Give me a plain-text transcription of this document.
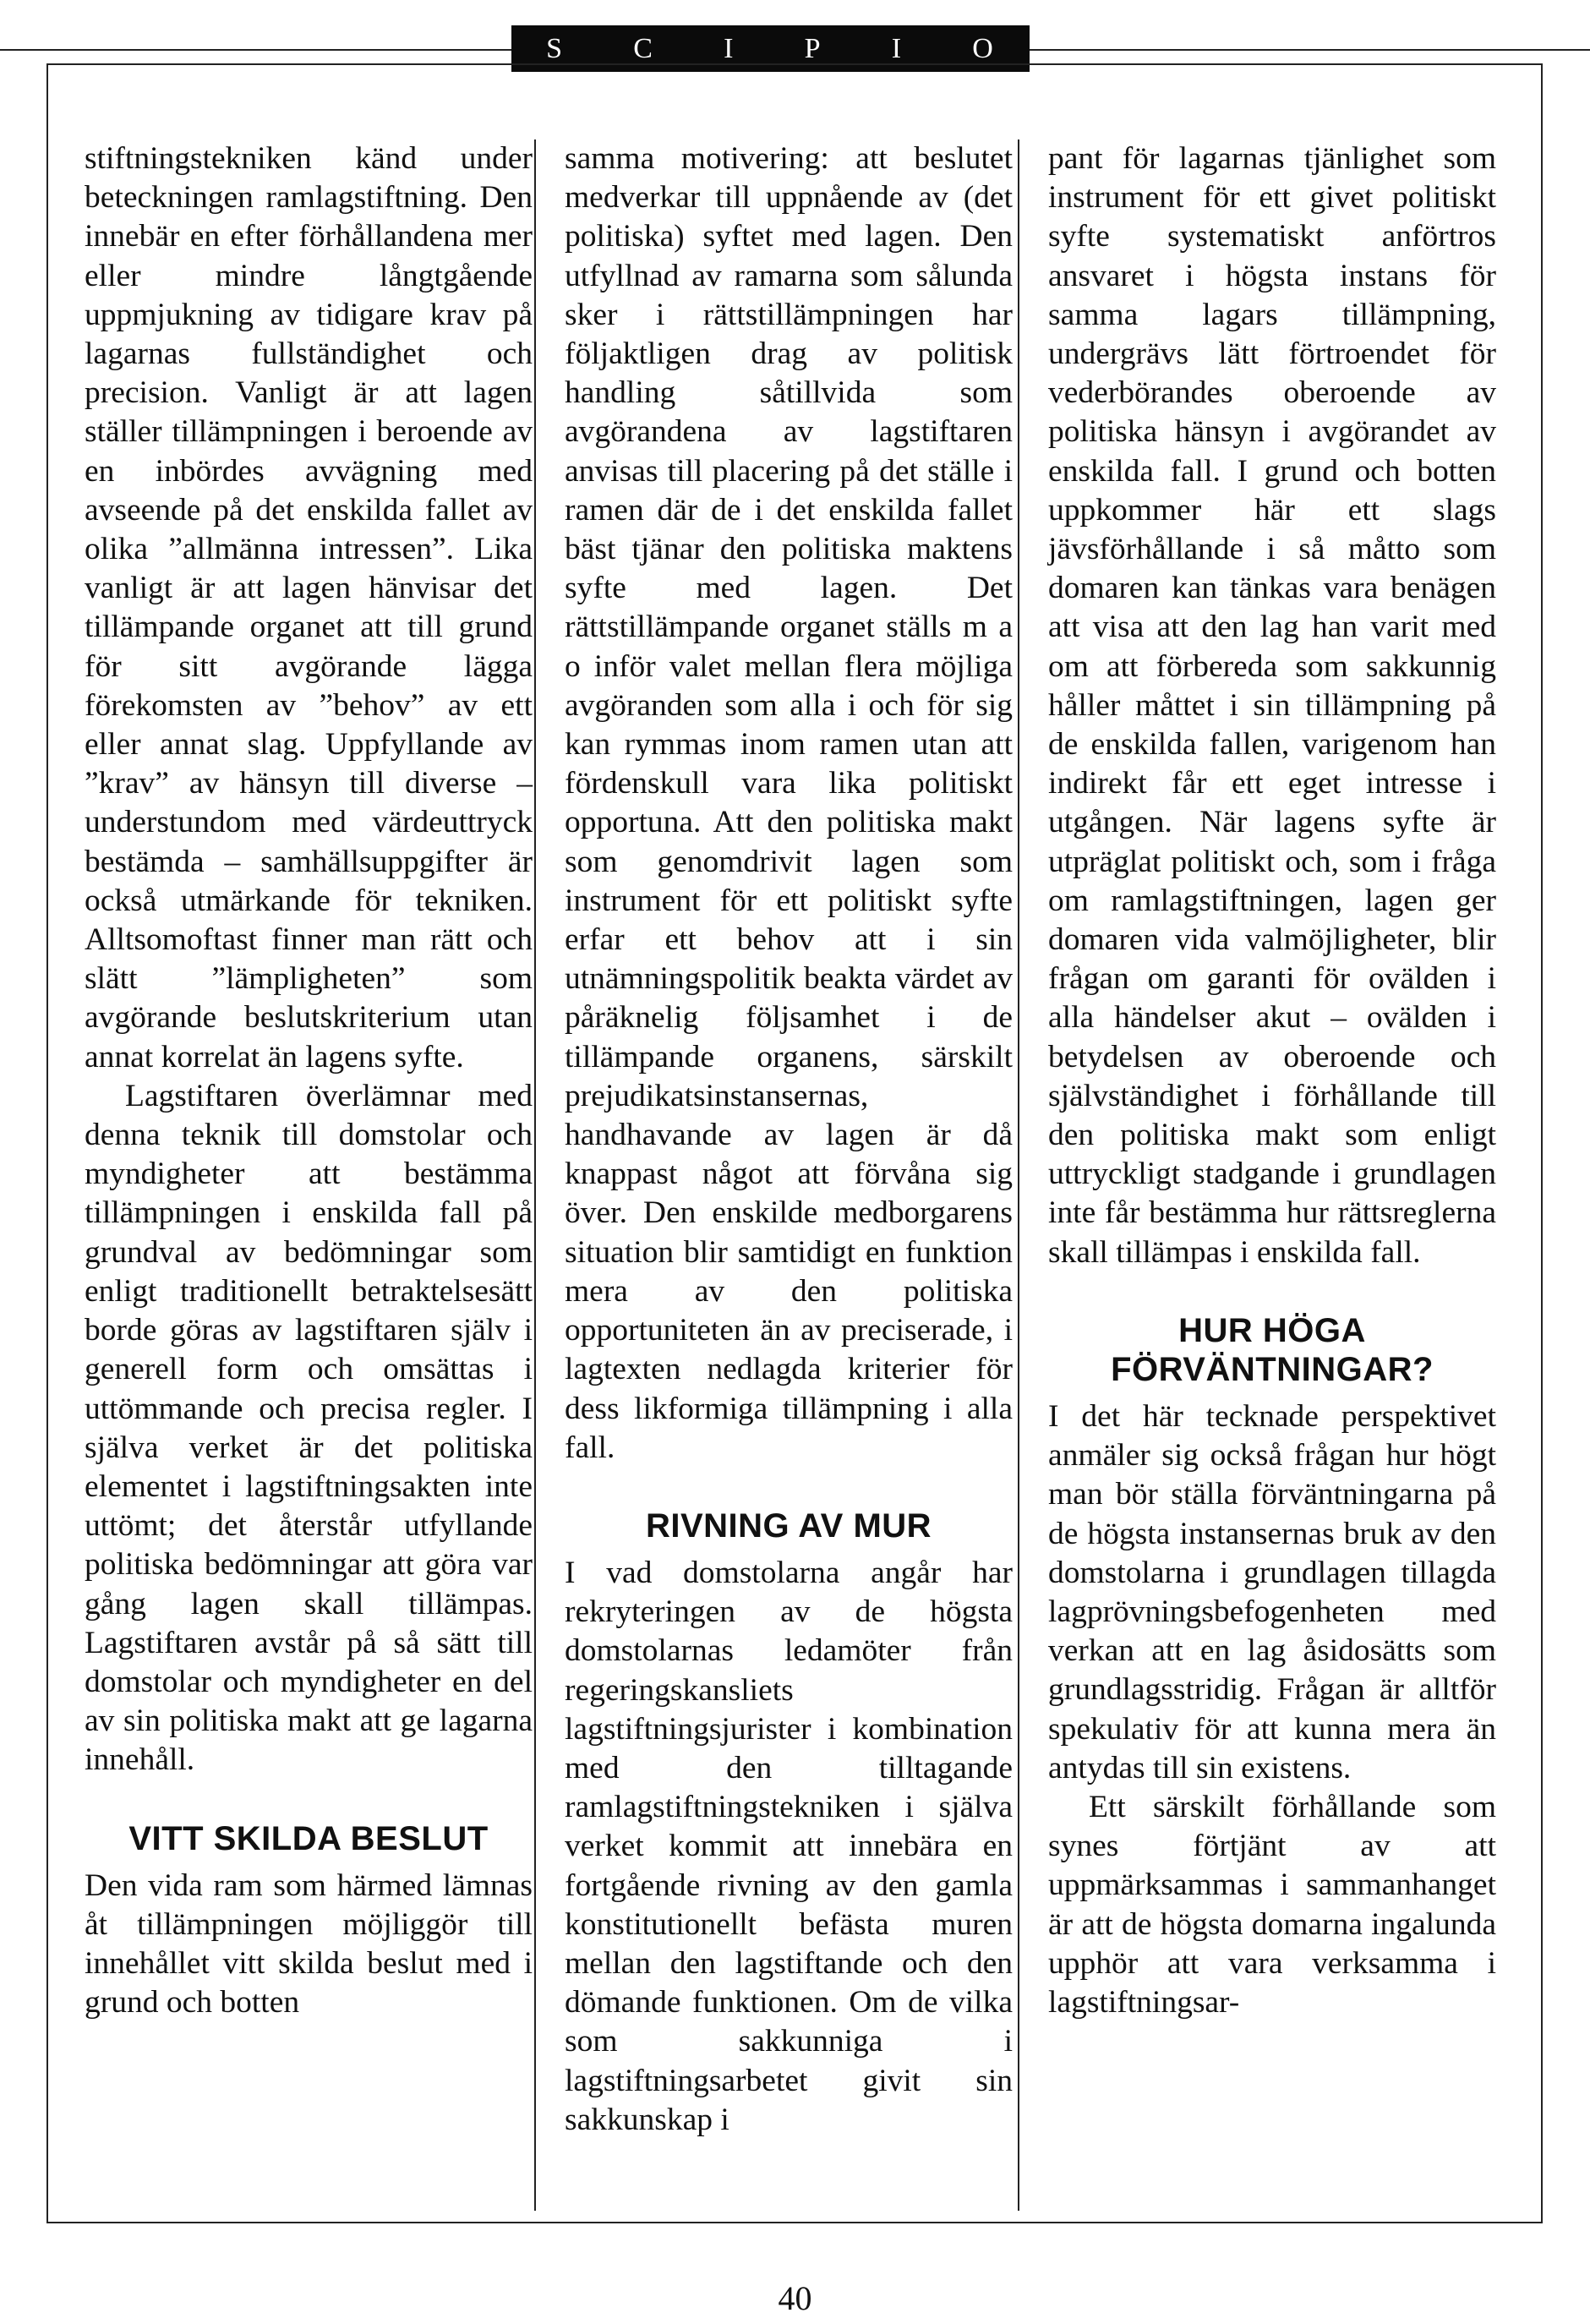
S C I P I O

stiftningstekniken känd under beteckningen ramlagstiftning. Den innebär en efter förhållandena mer eller mindre långtgående uppmjukning av tidigare krav på lagarnas fullständighet och precision. Vanligt är att lagen ställer tillämpningen i beroende av en inbördes avvägning med avseende på det enskilda fallet av olika ”allmänna intressen”. Lika vanligt är att lagen hänvisar det tillämpande organet att till grund för sitt avgörande lägga förekomsten av ”behov” av ett eller annat slag. Uppfyllande av ”krav” av hänsyn till diverse – understundom med värdeuttryck bestämda – samhällsuppgifter är också utmärkande för tekniken. Alltsomoftast finner man rätt och slätt ”lämpligheten” som avgörande beslutskriterium utan annat korrelat än lagens syfte.

Lagstiftaren överlämnar med denna teknik till domstolar och myndigheter att bestämma tillämpningen i enskilda fall på grundval av bedömningar som enligt traditionellt betraktelsesätt borde göras av lagstiftaren själv i generell form och omsättas i uttömmande och precisa regler. I själva verket är det politiska elementet i lagstiftningsakten inte uttömt; det återstår utfyllande politiska bedömningar att göra var gång lagen skall tillämpas. Lagstiftaren avstår på så sätt till domstolar och myndigheter en del av sin politiska makt att ge lagarna innehåll.

VITT SKILDA BESLUT

Den vida ram som härmed lämnas åt tillämpningen möjliggör till innehållet vitt skilda beslut med i grund och botten

samma motivering: att beslutet medverkar till uppnående av (det politiska) syftet med lagen. Den utfyllnad av ramarna som sålunda sker i rättstillämpningen har följaktligen drag av politisk handling såtillvida som avgörandena av lagstiftaren anvisas till placering på det ställe i ramen där de i det enskilda fallet bäst tjänar den politiska maktens syfte med lagen. Det rättstillämpande organet ställs m a o inför valet mellan flera möjliga avgöranden som alla i och för sig kan rymmas inom ramen utan att fördenskull vara lika politiskt opportuna. Att den politiska makt som genomdrivit lagen som instrument för ett politiskt syfte erfar ett behov att i sin utnämningspolitik beakta värdet av påräknelig följsamhet i de tillämpande organens, särskilt prejudikatsinstansernas, handhavande av lagen är då knappast något att förvåna sig över. Den enskilde medborgarens situation blir samtidigt en funktion mera av den politiska opportuniteten än av preciserade, i lagtexten nedlagda kriterier för dess likformiga tillämpning i alla fall.

RIVNING AV MUR

I vad domstolarna angår har rekryteringen av de högsta domstolarnas ledamöter från regeringskansliets lagstiftningsjurister i kombination med den tilltagande ramlagstiftningstekniken i själva verket kommit att innebära en fortgående rivning av den gamla konstitutionellt befästa muren mellan den lagstiftande och den dömande funktionen. Om de vilka som sakkunniga i lagstiftningsarbetet givit sin sakkunskap i

pant för lagarnas tjänlighet som instrument för ett givet politiskt syfte systematiskt anförtros ansvaret i högsta instans för samma lagars tillämpning, undergrävs lätt förtroendet för vederbörandes oberoende av politiska hänsyn i avgörandet av enskilda fall. I grund och botten uppkommer här ett slags jävsförhållande i så måtto som domaren kan tänkas vara benägen att visa att den lag han varit med om att förbereda som sakkunnig håller måttet i sin tillämpning på de enskilda fallen, varigenom han indirekt får ett eget intresse i utgången. När lagens syfte är utpräglat politiskt och, som i fråga om ramlagstiftningen, lagen ger domaren vida valmöjligheter, blir frågan om garanti för ovälden i alla händelser akut – ovälden i betydelsen av oberoende och självständighet i förhållande till den politiska makt som enligt uttryckligt stadgande i grundlagen inte får bestämma hur rättsreglerna skall tillämpas i enskilda fall.

HUR HÖGA FÖRVÄNTNINGAR?

I det här tecknade perspektivet anmäler sig också frågan hur högt man bör ställa förväntningarna på de högsta instansernas bruk av den domstolarna i grundlagen tillagda lagprövningsbefogenheten med verkan att en lag åsidosätts som grundlagsstridig. Frågan är alltför spekulativ för att kunna mera än antydas till sin existens.

Ett särskilt förhållande som synes förtjänt av att uppmärksammas i sammanhanget är att de högsta domarna ingalunda upphör att vara verksamma i lagstiftningsar-

40
